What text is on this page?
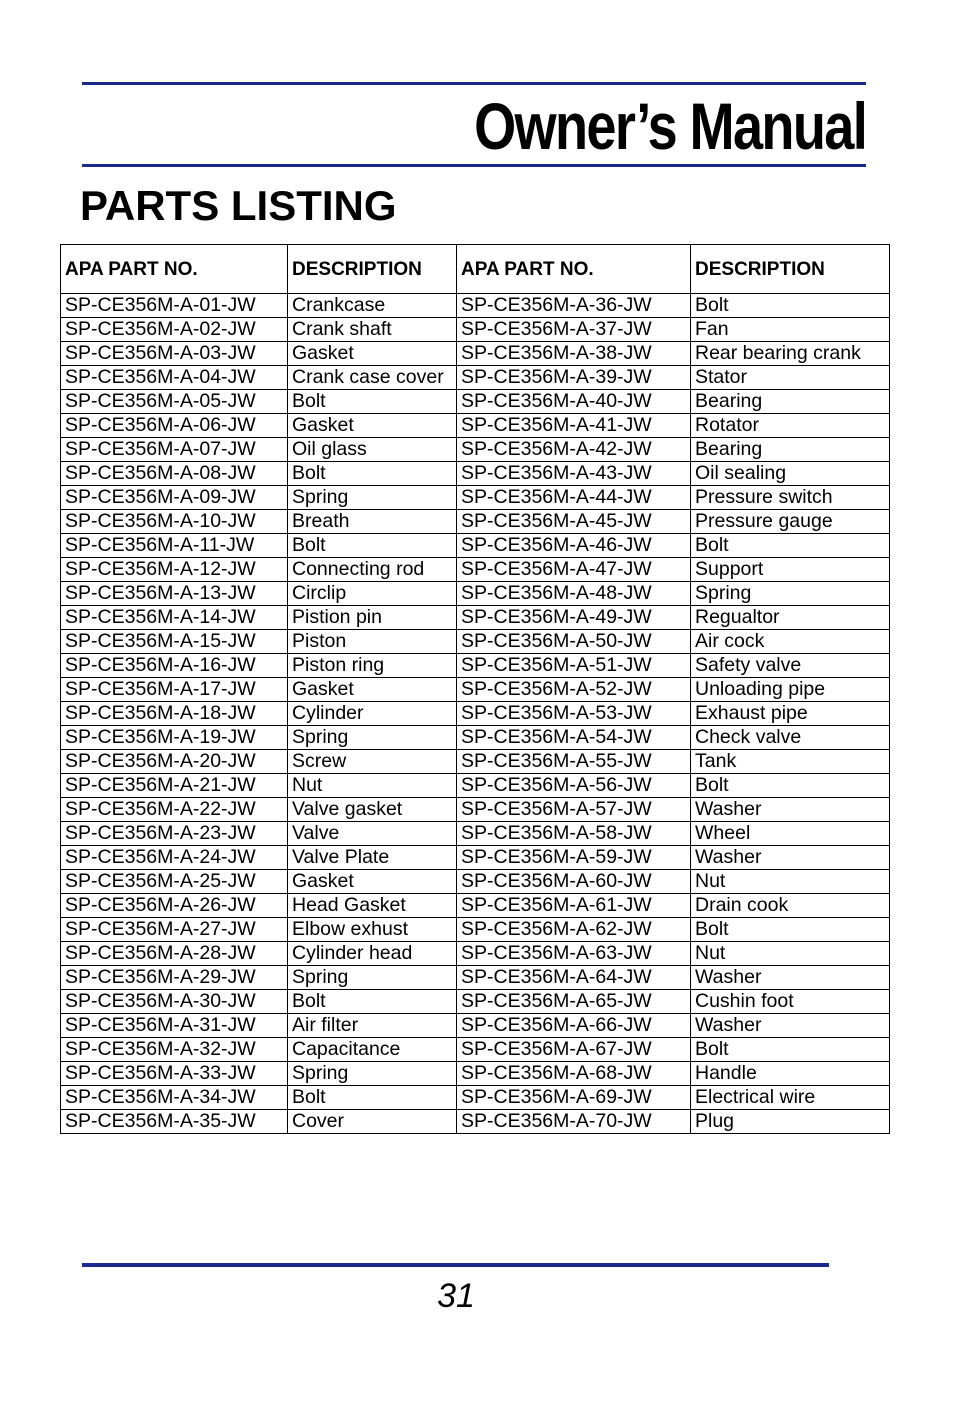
Owner’s Manual
PARTS LISTING
APA PART NO.	DESCRIPTION	APA PART NO.	DESCRIPTION
SP-CE356M-A-01-JW	Crankcase	SP-CE356M-A-36-JW	Bolt
SP-CE356M-A-02-JW	Crank shaft	SP-CE356M-A-37-JW	Fan
SP-CE356M-A-03-JW	Gasket	SP-CE356M-A-38-JW	Rear bearing crank
SP-CE356M-A-04-JW	Crank case cover	SP-CE356M-A-39-JW	Stator
SP-CE356M-A-05-JW	Bolt	SP-CE356M-A-40-JW	Bearing
SP-CE356M-A-06-JW	Gasket	SP-CE356M-A-41-JW	Rotator
SP-CE356M-A-07-JW	Oil glass	SP-CE356M-A-42-JW	Bearing
SP-CE356M-A-08-JW	Bolt	SP-CE356M-A-43-JW	Oil sealing
SP-CE356M-A-09-JW	Spring	SP-CE356M-A-44-JW	Pressure switch
SP-CE356M-A-10-JW	Breath	SP-CE356M-A-45-JW	Pressure gauge
SP-CE356M-A-11-JW	Bolt	SP-CE356M-A-46-JW	Bolt
SP-CE356M-A-12-JW	Connecting rod	SP-CE356M-A-47-JW	Support
SP-CE356M-A-13-JW	Circlip	SP-CE356M-A-48-JW	Spring
SP-CE356M-A-14-JW	Pistion pin	SP-CE356M-A-49-JW	Regualtor
SP-CE356M-A-15-JW	Piston	SP-CE356M-A-50-JW	Air cock
SP-CE356M-A-16-JW	Piston ring	SP-CE356M-A-51-JW	Safety valve
SP-CE356M-A-17-JW	Gasket	SP-CE356M-A-52-JW	Unloading pipe
SP-CE356M-A-18-JW	Cylinder	SP-CE356M-A-53-JW	Exhaust pipe
SP-CE356M-A-19-JW	Spring	SP-CE356M-A-54-JW	Check valve
SP-CE356M-A-20-JW	Screw	SP-CE356M-A-55-JW	Tank
SP-CE356M-A-21-JW	Nut	SP-CE356M-A-56-JW	Bolt
SP-CE356M-A-22-JW	Valve gasket	SP-CE356M-A-57-JW	Washer
SP-CE356M-A-23-JW	Valve	SP-CE356M-A-58-JW	Wheel
SP-CE356M-A-24-JW	Valve Plate	SP-CE356M-A-59-JW	Washer
SP-CE356M-A-25-JW	Gasket	SP-CE356M-A-60-JW	Nut
SP-CE356M-A-26-JW	Head Gasket	SP-CE356M-A-61-JW	Drain cook
SP-CE356M-A-27-JW	Elbow exhust	SP-CE356M-A-62-JW	Bolt
SP-CE356M-A-28-JW	Cylinder head	SP-CE356M-A-63-JW	Nut
SP-CE356M-A-29-JW	Spring	SP-CE356M-A-64-JW	Washer
SP-CE356M-A-30-JW	Bolt	SP-CE356M-A-65-JW	Cushin foot
SP-CE356M-A-31-JW	Air filter	SP-CE356M-A-66-JW	Washer
SP-CE356M-A-32-JW	Capacitance	SP-CE356M-A-67-JW	Bolt
SP-CE356M-A-33-JW	Spring	SP-CE356M-A-68-JW	Handle
SP-CE356M-A-34-JW	Bolt	SP-CE356M-A-69-JW	Electrical wire
SP-CE356M-A-35-JW	Cover	SP-CE356M-A-70-JW	Plug
31
